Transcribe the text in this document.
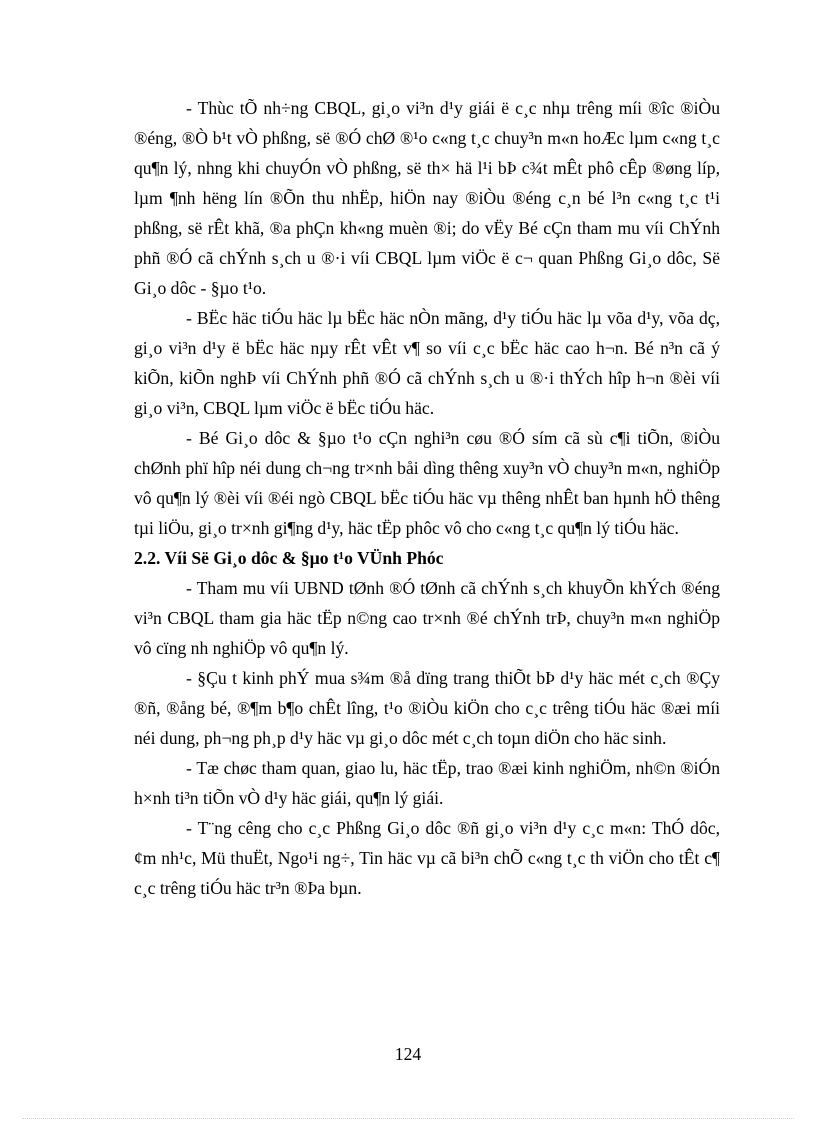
- Thùc tÕ nh÷ng CBQL, gi¸o vi³n d¹y giái ë c¸c nhµ trêng míi ®îc ®iÒu ®éng, ®Ò b¹t vÒ phßng, së ®Ó chØ ®¹o c«ng t¸c chuy³n m«n hoÆc lµm c«ng t¸c qu¶n lý, nhng khi chuyÓn vÒ phßng, së th× hä l¹i bÞ c¾t mÊt phô cÊp ®øng líp, lµm ¶nh hëng lín ®Õn thu nhËp, hiÖn nay ®iÒu ®éng c¸n bé l³n c«ng t¸c t¹i phßng, së rÊt khã, ®a phÇn kh«ng muèn ®i; do vËy Bé cÇn tham mu víi ChÝnh phñ ®Ó cã chÝnh s¸ch u ®·i víi CBQL lµm viÖc ë c¬ quan Phßng Gi¸o dôc, Së Gi¸o dôc - §µo t¹o.

- BËc häc tiÓu häc lµ bËc häc nÒn mãng, d¹y tiÓu häc lµ võa d¹y, võa dç, gi¸o vi³n d¹y ë bËc häc nµy rÊt vÊt v¶ so víi c¸c bËc häc cao h¬n. Bé n³n cã ý kiÕn, kiÕn nghÞ víi ChÝnh phñ ®Ó cã chÝnh s¸ch u ®·i thÝch hîp h¬n ®èi víi gi¸o vi³n, CBQL lµm viÖc ë bËc tiÓu häc.

- Bé Gi¸o dôc & §µo t¹o cÇn nghi³n cøu ®Ó sím cã sù c¶i tiÕn, ®iÒu chØnh phï hîp néi dung ch¬ng tr×nh båi dìng thêng xuy³n vÒ chuy³n m«n, nghiÖp vô qu¶n lý ®èi víi ®éi ngò CBQL bËc tiÓu häc vµ thêng nhÊt ban hµnh hÖ thêng tµi liÖu, gi¸o tr×nh gi¶ng d¹y, häc tËp phôc vô cho c«ng t¸c qu¶n lý tiÓu häc.

2.2. Víi Së Gi¸o dôc & §µo t¹o VÜnh Phóc

- Tham mu víi UBND tØnh ®Ó tØnh cã chÝnh s¸ch khuyÕn khÝch ®éng vi³n CBQL tham gia häc tËp n©ng cao tr×nh ®é chÝnh trÞ, chuy³n m«n nghiÖp vô cïng nh nghiÖp vô qu¶n lý.

- §Çu t kinh phÝ mua s¾m ®å dïng trang thiÕt bÞ d¹y häc mét c¸ch ®Çy ®ñ, ®ång bé, ®¶m b¶o chÊt lîng, t¹o ®iÒu kiÖn cho c¸c trêng tiÓu häc ®æi míi néi dung, ph¬ng ph¸p d¹y häc vµ gi¸o dôc mét c¸ch toµn diÖn cho häc sinh.

- Tæ chøc tham quan, giao lu, häc tËp, trao ®æi kinh nghiÖm, nh©n ®iÓn h×nh ti³n tiÕn vÒ d¹y häc giái, qu¶n lý giái.

- T¨ng cêng cho c¸c Phßng Gi¸o dôc ®ñ gi¸o vi³n d¹y c¸c m«n: ThÓ dôc, ¢m nh¹c, Mü thuËt, Ngo¹i ng÷, Tin häc vµ cã bi³n chÕ c«ng t¸c th viÖn cho tÊt c¶ c¸c trêng tiÓu häc tr³n ®Þa bµn.

124
